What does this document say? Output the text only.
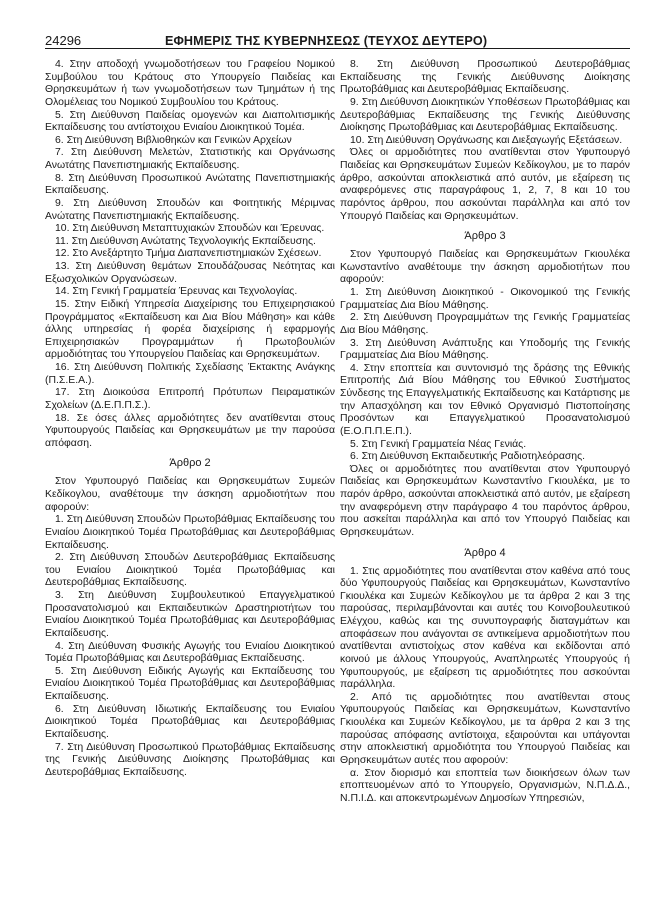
24296	ΕΦΗΜΕΡΙΣ ΤΗΣ ΚΥΒΕΡΝΗΣΕΩΣ (ΤΕΥΧΟΣ ΔΕΥΤΕΡΟ)

4. Στην αποδοχή γνωμοδοτήσεων του Γραφείου Νομικού Συμβούλου του Κράτους στο Υπουργείο Παιδείας και Θρησκευμάτων ή των γνωμοδοτήσεων των Τμημάτων ή της Ολομέλειας του Νομικού Συμβουλίου του Κράτους.

5. Στη Διεύθυνση Παιδείας ομογενών και Διαπολιτισμικής Εκπαίδευσης του αντίστοιχου Ενιαίου Διοικητικού Τομέα.

6. Στη Διεύθυνση Βιβλιοθηκών και Γενικών Αρχείων

7. Στη Διεύθυνση Μελετών, Στατιστικής και Οργάνωσης Ανωτάτης Πανεπιστημιακής Εκπαίδευσης.

8. Στη Διεύθυνση Προσωπικού Ανώτατης Πανεπιστημιακής Εκπαίδευσης.

9. Στη Διεύθυνση Σπουδών και Φοιτητικής Μέριμνας Ανώτατης Πανεπιστημιακής Εκπαίδευσης.

10. Στη Διεύθυνση Μεταπτυχιακών Σπουδών και Έρευνας.

11. Στη Διεύθυνση Ανώτατης Τεχνολογικής Εκπαίδευσης.

12. Στο Ανεξάρτητο Τμήμα Διαπανεπιστημιακών Σχέσεων.

13. Στη Διεύθυνση θεμάτων Σπουδάζουσας Νεότητας και Εξωσχολικών Οργανώσεων.

14. Στη Γενική Γραμματεία Έρευνας και Τεχνολογίας.

15. Στην Ειδική Υπηρεσία Διαχείρισης του Επιχειρησιακού Προγράμματος «Εκπαίδευση και Δια Βίου Μάθηση» και κάθε άλλης υπηρεσίας ή φορέα διαχείρισης ή εφαρμογής Επιχειρησιακών Προγραμμάτων ή Πρωτοβουλιών αρμοδιότητας του Υπουργείου Παιδείας και Θρησκευμάτων.

16. Στη Διεύθυνση Πολιτικής Σχεδίασης Έκτακτης Ανάγκης (Π.Σ.Ε.Α.).

17. Στη Διοικούσα Επιτροπή Πρότυπων Πειραματικών Σχολείων (Δ.Ε.Π.Π.Σ.).

18. Σε όσες άλλες αρμοδιότητες δεν ανατίθενται στους Υφυπουργούς Παιδείας και Θρησκευμάτων με την παρούσα απόφαση.

Άρθρο 2

Στον Υφυπουργό Παιδείας και Θρησκευμάτων Συμεών Κεδίκογλου, αναθέτουμε την άσκηση αρμοδιοτήτων που αφορούν:

1. Στη Διεύθυνση Σπουδών Πρωτοβάθμιας Εκπαίδευσης του Ενιαίου Διοικητικού Τομέα Πρωτοβάθμιας και Δευτεροβάθμιας Εκπαίδευσης.

2. Στη Διεύθυνση Σπουδών Δευτεροβάθμιας Εκπαίδευσης του Ενιαίου Διοικητικού Τομέα Πρωτοβάθμιας και Δευτεροβάθμιας Εκπαίδευσης.

3. Στη Διεύθυνση Συμβουλευτικού Επαγγελματικού Προσανατολισμού και Εκπαιδευτικών Δραστηριοτήτων του Ενιαίου Διοικητικού Τομέα Πρωτοβάθμιας και Δευτεροβάθμιας Εκπαίδευσης.

4. Στη Διεύθυνση Φυσικής Αγωγής του Ενιαίου Διοικητικού Τομέα Πρωτοβάθμιας και Δευτεροβάθμιας Εκπαίδευσης.

5. Στη Διεύθυνση Ειδικής Αγωγής και Εκπαίδευσης του Ενιαίου Διοικητικού Τομέα Πρωτοβάθμιας και Δευτεροβάθμιας Εκπαίδευσης.

6. Στη Διεύθυνση Ιδιωτικής Εκπαίδευσης του Ενιαίου Διοικητικού Τομέα Πρωτοβάθμιας και Δευτεροβάθμιας Εκπαίδευσης.

7. Στη Διεύθυνση Προσωπικού Πρωτοβάθμιας Εκπαίδευσης της Γενικής Διεύθυνσης Διοίκησης Πρωτοβάθμιας και Δευτεροβάθμιας Εκπαίδευσης.

8. Στη Διεύθυνση Προσωπικού Δευτεροβάθμιας Εκπαίδευσης της Γενικής Διεύθυνσης Διοίκησης Πρωτοβάθμιας και Δευτεροβάθμιας Εκπαίδευσης.

9. Στη Διεύθυνση Διοικητικών Υποθέσεων Πρωτοβάθμιας και Δευτεροβάθμιας Εκπαίδευσης της Γενικής Διεύθυνσης Διοίκησης Πρωτοβάθμιας και Δευτεροβάθμιας Εκπαίδευσης.

10. Στη Διεύθυνση Οργάνωσης και Διεξαγωγής Εξετάσεων.

Όλες οι αρμοδιότητες που ανατίθενται στον Υφυπουργό Παιδείας και Θρησκευμάτων Συμεών Κεδίκογλου, με το παρόν άρθρο, ασκούνται αποκλειστικά από αυτόν, με εξαίρεση τις αναφερόμενες στις παραγράφους 1, 2, 7, 8 και 10 του παρόντος άρθρου, που ασκούνται παράλληλα και από τον Υπουργό Παιδείας και Θρησκευμάτων.

Άρθρο 3

Στον Υφυπουργό Παιδείας και Θρησκευμάτων Γκιουλέκα Κωνσταντίνο αναθέτουμε την άσκηση αρμοδιοτήτων που αφορούν:

1. Στη Διεύθυνση Διοικητικού - Οικονομικού της Γενικής Γραμματείας Δια Βίου Μάθησης.

2. Στη Διεύθυνση Προγραμμάτων της Γενικής Γραμματείας Δια Βίου Μάθησης.

3. Στη Διεύθυνση Ανάπτυξης και Υποδομής της Γενικής Γραμματείας Δια Βίου Μάθησης.

4. Στην εποπτεία και συντονισμό της δράσης της Εθνικής Επιτροπής Διά Βίου Μάθησης του Εθνικού Συστήματος Σύνδεσης της Επαγγελματικής Εκπαίδευσης και Κατάρτισης με την Απασχόληση και τον Εθνικό Οργανισμό Πιστοποίησης Προσόντων και Επαγγελματικού Προσανατολισμού (Ε.Ο.Π.Π.Ε.Π.).

5. Στη Γενική Γραμματεία Νέας Γενιάς.

6. Στη Διεύθυνση Εκπαιδευτικής Ραδιοτηλεόρασης.

Όλες οι αρμοδιότητες που ανατίθενται στον Υφυπουργό Παιδείας και Θρησκευμάτων Κωνσταντίνο Γκιουλέκα, με το παρόν άρθρο, ασκούνται αποκλειστικά από αυτόν, με εξαίρεση την αναφερόμενη στην παράγραφο 4 του παρόντος άρθρου, που ασκείται παράλληλα και από τον Υπουργό Παιδείας και Θρησκευμάτων.

Άρθρο 4

1. Στις αρμοδιότητες που ανατίθενται στον καθένα από τους δύο Υφυπουργούς Παιδείας και Θρησκευμάτων, Κωνσταντίνο Γκιουλέκα και Συμεών Κεδίκογλου με τα άρθρα 2 και 3 της παρούσας, περιλαμβάνονται και αυτές του Κοινοβουλευτικού Ελέγχου, καθώς και της συνυπογραφής διαταγμάτων και αποφάσεων που ανάγονται σε αντικείμενα αρμοδιοτήτων που ανατίθενται αντιστοίχως στον καθένα και εκδίδονται από κοινού με άλλους Υπουργούς, Αναπληρωτές Υπουργούς ή Υφυπουργούς, με εξαίρεση τις αρμοδιότητες που ασκούνται παράλληλα.

2. Από τις αρμοδιότητες που ανατίθενται στους Υφυπουργούς Παιδείας και Θρησκευμάτων, Κωνσταντίνο Γκιουλέκα και Συμεών Κεδίκογλου, με τα άρθρα 2 και 3 της παρούσας απόφασης αντίστοιχα, εξαιρούνται και υπάγονται στην αποκλειστική αρμοδιότητα του Υπουργού Παιδείας και Θρησκευμάτων αυτές που αφορούν:

α. Στον διορισμό και εποπτεία των διοικήσεων όλων των εποπτευομένων από το Υπουργείο, Οργανισμών, Ν.Π.Δ.Δ., Ν.Π.Ι.Δ. και αποκεντρωμένων Δημοσίων Υπηρεσιών,
